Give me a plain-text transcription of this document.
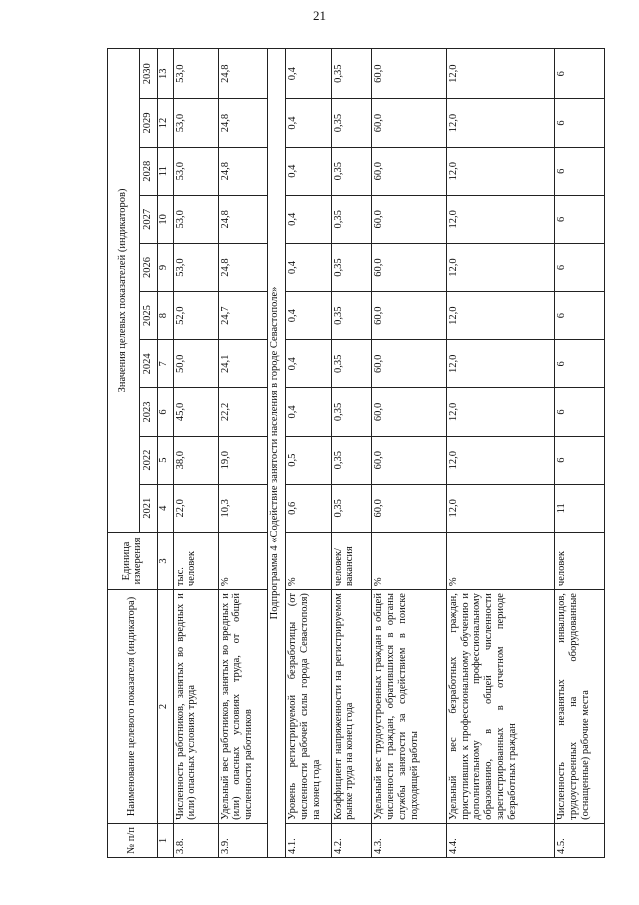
21
№ п/п	Наименование целевого показателя (индикатора)	Единица измерения	Значения целевых показателей (индикаторов)									
			2021	2022	2023	2024	2025	2026	2027	2028	2029	2030
1	2	3	4	5	6	7	8	9	10	11	12	13
3.8.	Численность работников, занятых во вредных и (или) опасных условиях труда	тыс. человек	22,0	38,0	45,0	50,0	52,0	53,0	53,0	53,0	53,0	53,0
3.9.	Удельный вес работников, занятых во вредных и (или) опасных условиях труда, от общей численности работников	%	10,3	19,0	22,2	24,1	24,7	24,8	24,8	24,8	24,8	24,8
Подпрограмма 4 «Содействие занятости населения в городе Севастополе»												
4.1.	Уровень регистрируемой безработицы (от численности рабочей силы города Севастополя) на конец года	%	0,6	0,5	0,4	0,4	0,4	0,4	0,4	0,4	0,4	0,4
4.2.	Коэффициент напряженности на регистрируемом рынке труда на конец года	человек/ вакансия	0,35	0,35	0,35	0,35	0,35	0,35	0,35	0,35	0,35	0,35
4.3.	Удельный вес трудоустроенных граждан в общей численности граждан, обратившихся в органы службы занятости за содействием в поиске подходящей работы	%	60,0	60,0	60,0	60,0	60,0	60,0	60,0	60,0	60,0	60,0
4.4.	Удельный вес безработных граждан, приступивших к профессиональному обучению и дополнительному профессиональному образованию, в общей численности зарегистрированных в отчетном периоде безработных граждан	%	12,0	12,0	12,0	12,0	12,0	12,0	12,0	12,0	12,0	12,0
4.5.	Численность незанятых инвалидов, трудоустроенных на оборудованные (оснащенные) рабочие места	человек	11	6	6	6	6	6	6	6	6	6
